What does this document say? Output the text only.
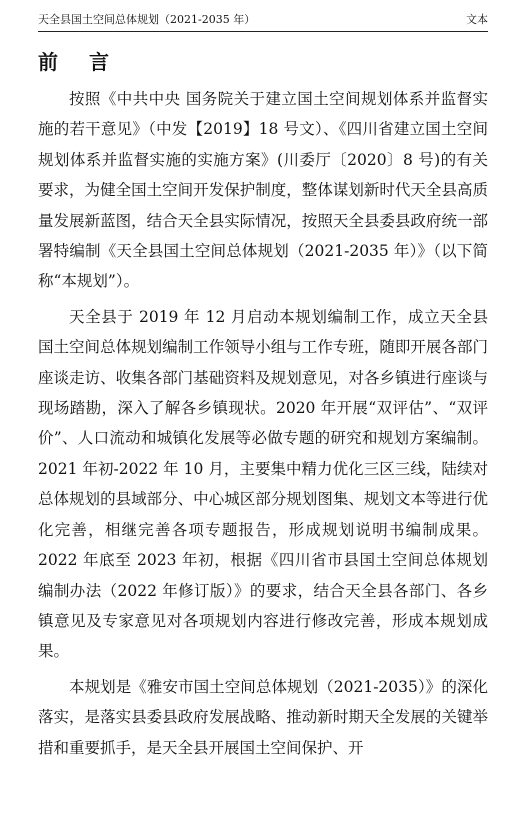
天全县国土空间总体规划（2021-2035 年）	文本
前 言

按照《中共中央 国务院关于建立国土空间规划体系并监督实施的若干意见》（中发【2019】18 号文）、《四川省建立国土空间规划体系并监督实施的实施方案》(川委厅〔2020〕8 号)的有关要求，为健全国土空间开发保护制度，整体谋划新时代天全县高质量发展新蓝图，结合天全县实际情况，按照天全县委县政府统一部署特编制《天全县国土空间总体规划（2021-2035 年）》（以下简称“本规划”）。

天全县于 2019 年 12 月启动本规划编制工作，成立天全县国土空间总体规划编制工作领导小组与工作专班，随即开展各部门座谈走访、收集各部门基础资料及规划意见，对各乡镇进行座谈与现场踏勘，深入了解各乡镇现状。2020 年开展“双评估”、“双评价”、人口流动和城镇化发展等必做专题的研究和规划方案编制。2021 年初-2022 年 10 月，主要集中精力优化三区三线，陆续对总体规划的县域部分、中心城区部分规划图集、规划文本等进行优化完善，相继完善各项专题报告，形成规划说明书编制成果。2022 年底至 2023 年初，根据《四川省市县国土空间总体规划编制办法（2022 年修订版）》的要求，结合天全县各部门、各乡镇意见及专家意见对各项规划内容进行修改完善，形成本规划成果。

本规划是《雅安市国土空间总体规划（2021-2035）》的深化落实，是落实县委县政府发展战略、推动新时期天全发展的关键举措和重要抓手，是天全县开展国土空间保护、开
